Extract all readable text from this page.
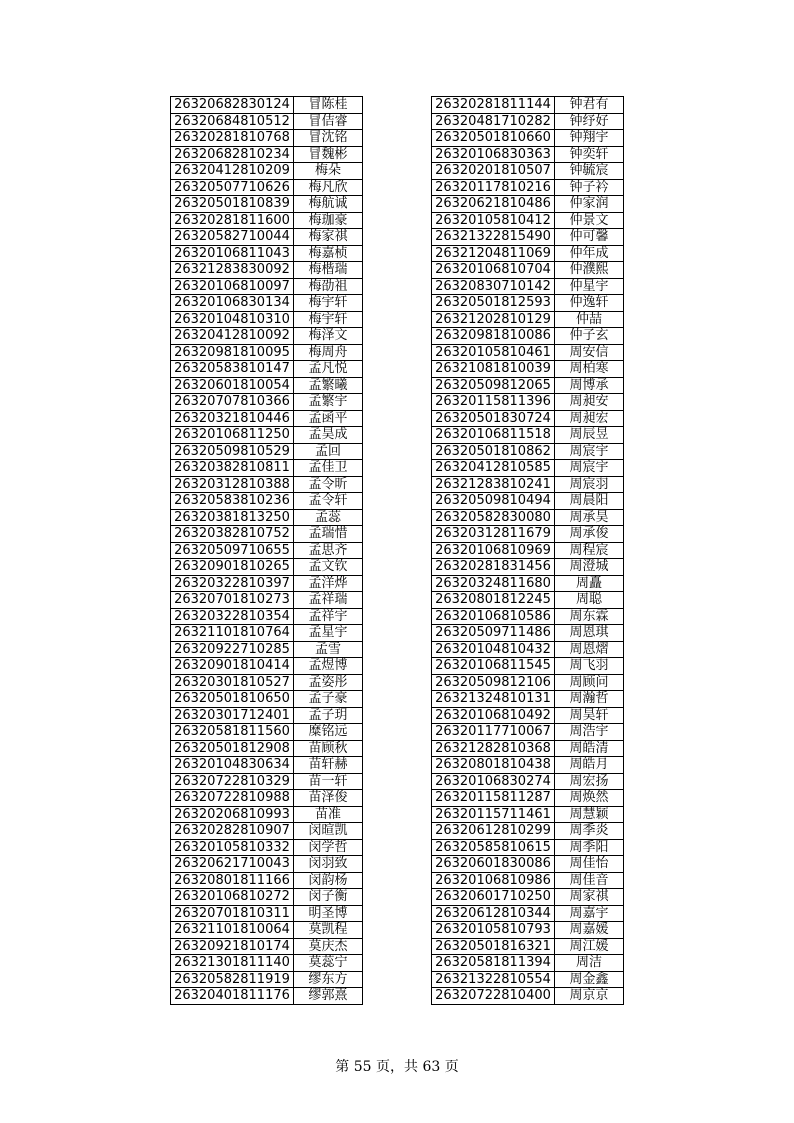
26320682830124	冒陈桂
26320684810512	冒佶睿
26320281810768	冒沈铭
26320682810234	冒魏彬
26320412810209	梅朵
26320507710626	梅凡欣
26320501810839	梅航诚
26320281811600	梅珈豪
26320582710044	梅家祺
26320106811043	梅嘉桢
26321283830092	梅楷瑞
26320106810097	梅劭祖
26320106830134	梅宇轩
26320104810310	梅宇轩
26320412810092	梅泽文
26320981810095	梅周舟
26320583810147	孟凡悦
26320601810054	孟繁曦
26320707810366	孟繁宇
26320321810446	孟函平
26320106811250	孟昊成
26320509810529	孟回
26320382810811	孟佳卫
26320312810388	孟令昕
26320583810236	孟令轩
26320381813250	孟蕊
26320382810752	孟瑞惜
26320509710655	孟思齐
26320901810265	孟文钦
26320322810397	孟洋烨
26320701810273	孟祥瑞
26320322810354	孟祥宇
26321101810764	孟星宇
26320922710285	孟雪
26320901810414	孟煜博
26320301810527	孟姿彤
26320501810650	孟子豪
26320301712401	孟子玥
26320581811560	糜铭远
26320501812908	苗顾秋
26320104830634	苗轩赫
26320722810329	苗一轩
26320722810988	苗泽俊
26320206810993	苗准
26320282810907	闵暄凯
26320105810332	闵学哲
26320621710043	闵羽致
26320801811166	闵韵杨
26320106810272	闵子衡
26320701810311	明圣博
26321101810064	莫凯程
26320921810174	莫庆杰
26321301811140	莫蕊宁
26320582811919	缪东方
26320401811176	缪郭熹
26320281811144	钟君有
26320481710282	钟纾好
26320501810660	钟翔宇
26320106830363	钟奕轩
26320201810507	钟毓宸
26320117810216	钟子衿
26320621810486	仲家润
26320105810412	仲景文
26321322815490	仲可馨
26321204811069	仲年成
26320106810704	仲濮熙
26320830710142	仲星宇
26320501812593	仲逸轩
26321202810129	仲喆
26320981810086	仲子玄
26320105810461	周安信
26321081810039	周柏寒
26320509812065	周博承
26320115811396	周昶安
26320501830724	周昶宏
26320106811518	周辰昱
26320501810862	周宸宇
26320412810585	周宸宇
26321283810241	周宸羽
26320509810494	周晨阳
26320582830080	周承昊
26320312811679	周承俊
26320106810969	周程宸
26320281831456	周澄城
26320324811680	周矗
26320801812245	周聪
26320106810586	周东霖
26320509711486	周恩琪
26320104810432	周恩熠
26320106811545	周飞羽
26320509812106	周顾问
26321324810131	周瀚哲
26320106810492	周昊轩
26320117710067	周浩宇
26321282810368	周皓清
26320801810438	周皓月
26320106830274	周宏扬
26320115811287	周焕然
26320115711461	周慧颖
26320612810299	周季炎
26320585810615	周季阳
26320601830086	周佳怡
26320106810986	周佳音
26320601710250	周家祺
26320612810344	周嘉宇
26320105810793	周嘉媛
26320501816321	周江媛
26320581811394	周洁
26321322810554	周金鑫
26320722810400	周京京
第 55 页，共 63 页
